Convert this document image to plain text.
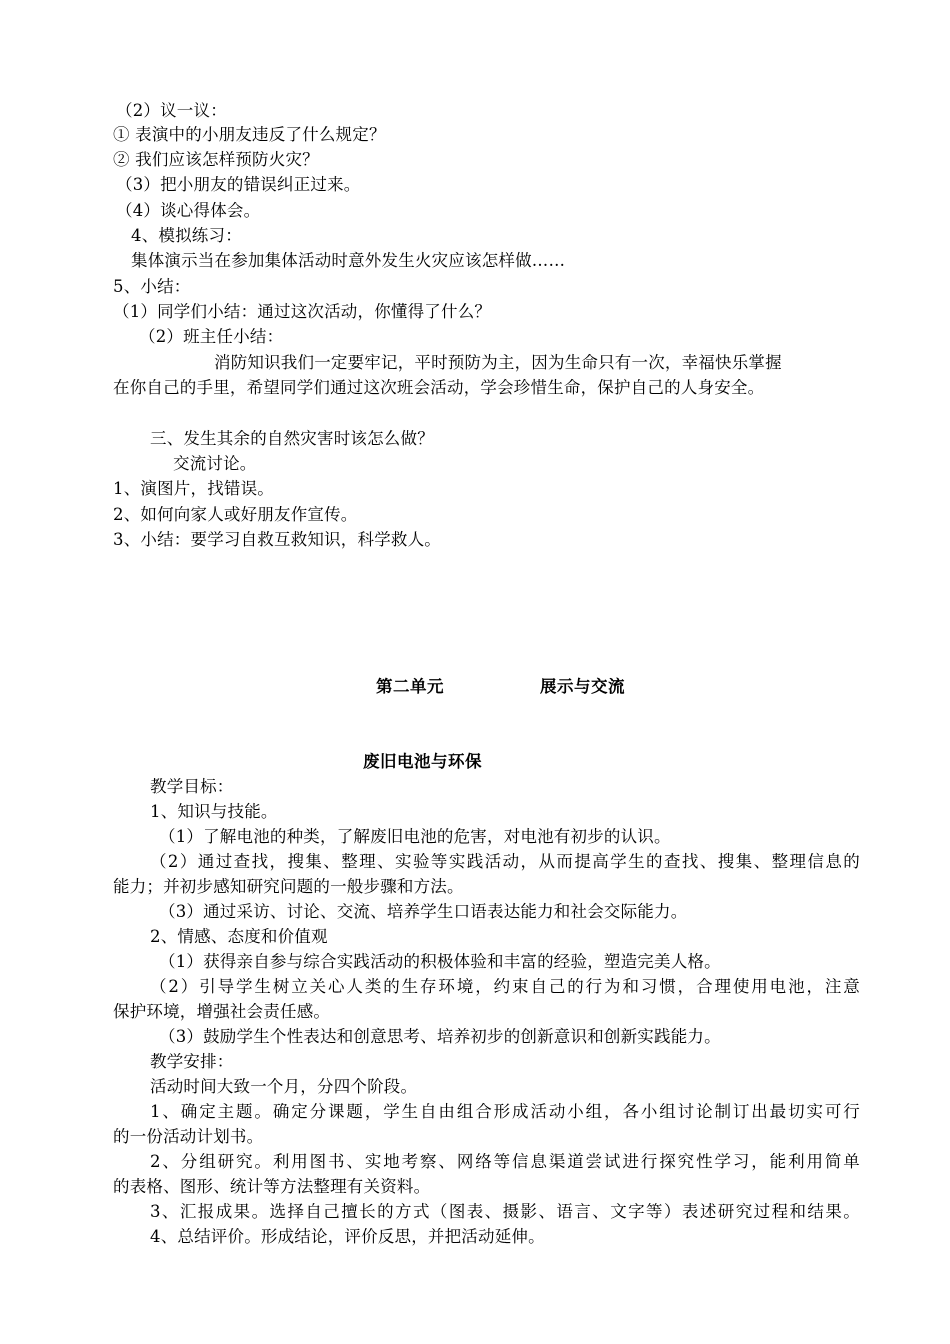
（2）议一议：
① 表演中的小朋友违反了什么规定？
② 我们应该怎样预防火灾？
（3）把小朋友的错误纠正过来。
（4）谈心得体会。
4、模拟练习：
集体演示当在参加集体活动时意外发生火灾应该怎样做……
5、小结：
（1）同学们小结：通过这次活动，你懂得了什么？
（2）班主任小结：
消防知识我们一定要牢记，平时预防为主，因为生命只有一次，幸福快乐掌握
在你自己的手里，希望同学们通过这次班会活动，学会珍惜生命，保护自己的人身安全。
三、发生其余的自然灾害时该怎么做？
交流讨论。
1、演图片，找错误。
2、如何向家人或好朋友作宣传。
3、小结：要学习自救互救知识，科学救人。
第二单元	展示与交流
废旧电池与环保
教学目标：
1、知识与技能。
（1）了解电池的种类，了解废旧电池的危害，对电池有初步的认识。
（2）通过查找，搜集、整理、实验等实践活动，从而提高学生的查找、搜集、整理信息的
能力；并初步感知研究问题的一般步骤和方法。
（3）通过采访、讨论、交流、培养学生口语表达能力和社会交际能力。
2、情感、态度和价值观
（1）获得亲自参与综合实践活动的积极体验和丰富的经验，塑造完美人格。
（2）引导学生树立关心人类的生存环境，约束自己的行为和习惯，合理使用电池，注意
保护环境，增强社会责任感。
（3）鼓励学生个性表达和创意思考、培养初步的创新意识和创新实践能力。
教学安排：
活动时间大致一个月，分四个阶段。
1、确定主题。确定分课题，学生自由组合形成活动小组，各小组讨论制订出最切实可行
的一份活动计划书。
2、分组研究。利用图书、实地考察、网络等信息渠道尝试进行探究性学习，能利用简单
的表格、图形、统计等方法整理有关资料。
3、汇报成果。选择自己擅长的方式（图表、摄影、语言、文字等）表述研究过程和结果。
4、总结评价。形成结论，评价反思，并把活动延伸。
